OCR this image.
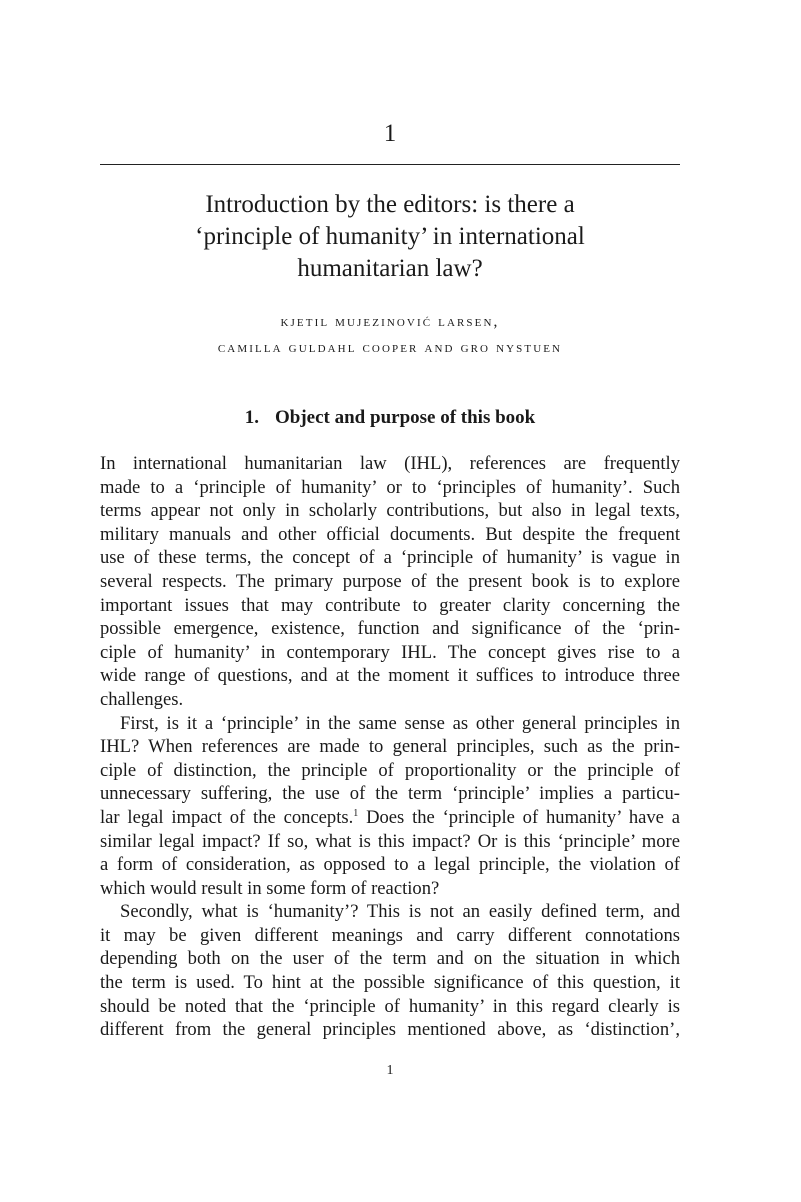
1
Introduction by the editors: is there a
‘principle of humanity’ in international
humanitarian law?
kjetil mujezinović larsen,
camilla guldahl cooper and gro nystuen
1. Object and purpose of this book
In international humanitarian law (IHL), references are frequently
made to a ‘principle of humanity’ or to ‘principles of humanity’. Such
terms appear not only in scholarly contributions, but also in legal texts,
military manuals and other official documents. But despite the frequent
use of these terms, the concept of a ‘principle of humanity’ is vague in
several respects. The primary purpose of the present book is to explore
important issues that may contribute to greater clarity concerning the
possible emergence, existence, function and significance of the ‘prin-
ciple of humanity’ in contemporary IHL. The concept gives rise to a
wide range of questions, and at the moment it suffices to introduce three
challenges.
First, is it a ‘principle’ in the same sense as other general principles in
IHL? When references are made to general principles, such as the prin-
ciple of distinction, the principle of proportionality or the principle of
unnecessary suffering, the use of the term ‘principle’ implies a particu-
lar legal impact of the concepts.$^1$ Does the ‘principle of humanity’ have a
similar legal impact? If so, what is this impact? Or is this ‘principle’ more
a form of consideration, as opposed to a legal principle, the violation of
which would result in some form of reaction?
Secondly, what is ‘humanity’? This is not an easily defined term, and
it may be given different meanings and carry different connotations
depending both on the user of the term and on the situation in which
the term is used. To hint at the possible significance of this question, it
should be noted that the ‘principle of humanity’ in this regard clearly is
different from the general principles mentioned above, as ‘distinction’,
1
